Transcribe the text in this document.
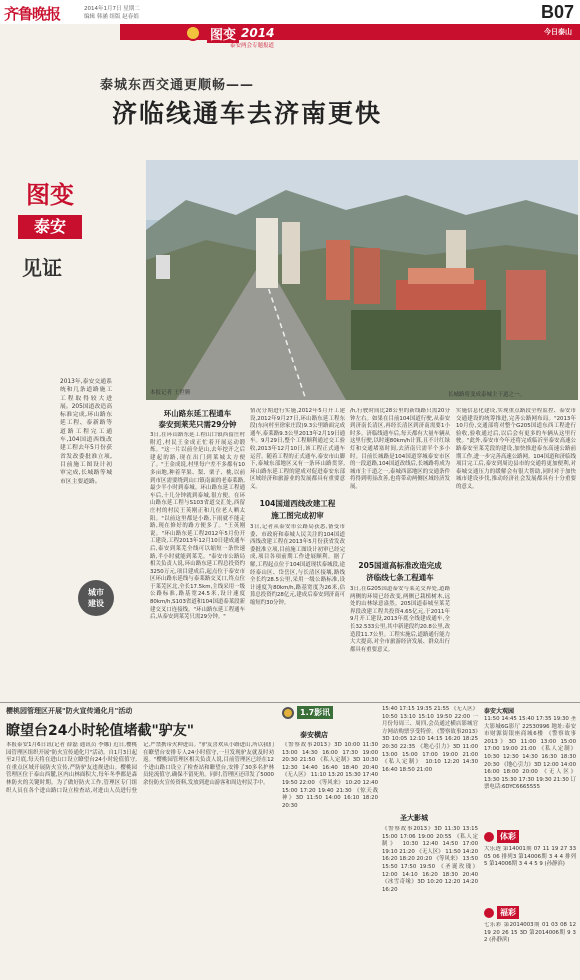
齐鲁晚报	2014年1月7日 星期二
编辑 韩涵 组版 赵春娟	B07
今日泰山
图变 2014
泰安两会专题报道
泰城东西交通更顺畅——
济临线通车去济南更快
图变
泰安
见证
2013年,泰安交通系统和几条道路施工工程取得较大进展。205国道改造高标准完成,环山路东延工程、泰新路等道路工程完工通车,104国道西线改建工程去年5月份获省发改委批准立项,目前施工图设计初审完成,长城路等城市区主要道路。
城市
建设
本报记者 王世腾	长城路将变成泰城主干道之一。
环山路东延工程通车
泰安到莱芜只需29分钟
3日,在环山路东延工程山口镇西留庄村附近,村民王金成正忙着开展运动锻炼。"这一片以前全是山,去年挖开之后建起的路,现在出门到莱城太方便了。"王金成说,村里每户差不多都有10多亩地,种着苹果、梨、栗子、桃,以前到市区需要绕到山口镇南面的老泰莱路,最少半小时到泰城。环山路东延工程通车后,十几分钟就到泰城,很方便。在环山路东延工程与S103省道交汇处,西留庄村的村民王英刚正和几位老人晒太阳。"以前这里都是小路,下雨就不能走路,现在修好的路方便多了。"王英刚说。"环山路东延工程2012年5月份开工建设,工程2013年12月10日建成通车后,泰安到莱芜全线可以缩短一条快速路,半小时就能到莱芜。"泰安市公路局相关负责人说,环山路东延工程总投资约3250万元,项目建成后,起点位于泰安市区环山路东延线与泰莱路交叉口,终点位于莱芜区北,全长17.5km,主线采用一级公路标准,路基宽24.5米,设计速度80km/h,S103省道和104国道泰莱段新建交叉口连接线。"环山路东延工程通车后,从泰安到莱芜只需29分钟。"
情况分期进行实施,2012年5月开工建设,2012年9月27日,环山路东延工程东段(东向村至徐家庄段)9.3公里路面完成通车,泰莱路9.3公里2013年2月19日通车。9月29日,整个工程顺利通过交工验收,2013年12月10日,该工程正式通车运营。随着工程的正式通车,泰安市山脚下,泰城东部地区又有一条环山路贯穿,环山路东延工程的建成对促进泰安东部区域经济和旅游业的发展都具有重要意义。
104国道西线改建工程
施工图完成初审
3日,记者从泰安市公路局获悉,备受市委、市政府和泰城人民关注的104国道西线改建工程在2013年5月份获省发改委批准立项,目前施工图设计初审已经完成,项目各项前期工作进展顺利。据了解,工程起点位于104国道现状泰城段,途经泰山区、岱岳区,与长清区接壤,路线全长约28.5公里,采用一级公路标准,设计速度为80km/h,路基宽度为26米,估算总投资约28亿元,建成后泰安到济南可缩短约30分钟。
/h,行驶时间比28公里的新线路只需20分钟左右。如果在目前104国道行驶,从泰安到济南长清区,再经长清区到济南需要1小时多。济临线通车后,每天都有大量车辆从这里行驶,以时速80km/h计算,且不计红绿灯和交通堵塞时间,去济南只需半个多小时。目前长城路是104国道穿城泰安市区的一段道路,104国道改线后,长城路将成为城市主干道之一,泰城西部地区的交通条件将得到明显改善,也将带动两侧区域经济发展。
205国道高标准改造完成
济临线七条工程通车
3日,在G205国道泰安与莱芜交界处,道路两侧的环境已经改变,两侧已栽植树木,远处的山林绿意盎然。205国道泰城至莱芜界段改建工程共投资4.65亿元,于2011年9月开工建设,2013年底全线建成通车,全长32.533公里,其中新建段约20.8公里,改造段11.7公里。工程实施后,道路通行能力大大提高,对全市旅游经济发展、群众出行都具有重要意义。
实施信息化建设,实现重点路段全程监控、泰安市交通建设的统筹推进,完善公路网布局。"2013年10月份,交通部将对整个G205国道东西工程进行验收,验收通过后,以后会有更多的车辆从这里行驶。"此外,泰安市今年还将完成临沂至泰安高速公路泰安至莱芜段的建设,加快推进泰东高速公路前期工作,进一步完善高速公路网。104国道和济临线项目完工后,泰安到周边县市的交通将更加便利,对泰城交通压力的缓解会有很大帮助,同时对于加快城市建设步伐,推动经济社会发展都具有十分重要的意义。
樱桃园管理区开展"防火宣传通化月"活动
瞭望台24小时轮值堵截"驴友"
本报泰安1月6日讯(记者 薛磊 通讯员 李娜) 近日,樱桃园管理区组织开展"防火宣传通化月"活动。自1月3日起至2月底,每天将在进山口设立瞭望台24小时轮值值守,在重点区域开展防火宣传,严防驴友违规进山。樱桃园管理区位于泰山西麓,区内山林面积大,每年冬季都是森林防火的关键时期。为了做好防火工作,管理区专门组织人员在各个进山路口设立检查站,对进山人员进行登记,严禁携带火种进山。"驴友喜欢从小路进山,所以我们在瞭望台安排专人24小时值守,一旦发现驴友就及时劝返。"樱桃园管理区相关负责人说,目前管理区已经在12个进山路口设立了检查站和瞭望台,安排了30多名护林员轮流值守,确保不留死角。同时,管理区还印发了5000余份防火宣传资料,发放到进山游客和周边村民手中。
1.7影讯
泰安横店
《警察故事2013》3D 10:00 11:30 13:00 14:30 16:00 17:30 19:00 20:30 21:50 《私人定制》3D 10:30 12:30 14:40 16:40 18:40 20:40 《无人区》 11:10 13:20 15:30 17:40 19:50 22:00 《等风来》 10:20 12:40 15:00 17:20 19:40 21:30 《惊天战神》3D 11:50 14:00 16:10 18:20 20:30
15:40 17:15 19:35 21:55 《无人区》 10:50 13:10 15:10 19:50 22:00 一月份每周三、周四,会员通过横店影城官方网站购票享受特价。《警察故事2013》3D 10:05 12:10 14:15 16:20 18:25 20:30 22:35 《地心引力》3D 11:00 13:00 15:00 17:00 19:00 21:00 《私人定制》 10:10 12:20 14:30 16:40 18:50 21:00
圣大影城
《警察故事2013》3D 11:30 13:15 15:00 17:06 19:00 20:55 《私人定制》 10:30 12:40 14:50 17:00 19:10 21:20 《无人区》 11:50 14:20 16:20 18:20 20:20 《等风来》 13:50 15:50 17:50 19:50 《圣诞玫瑰》 12:00 14:10 16:20 18:30 20:40 《冰雪奇缘》3D 10:20 12:20 14:20 16:20
泰安大观园
11:50 14:45 15:40 17:35 19:30 圣大影城6G影厅 22530996 地址:泰安市财源街银座商城6楼 《警察故事2013》3D 11:00 13:00 15:00 17:00 19:00 21:00 《私人定制》 10:30 12:30 14:30 16:30 18:30 20:30 《地心引力》3D 12:00 14:00 16:00 18:00 20:00 《无人区》 13:30 15:30 17:30 19:30 21:30 订票电话:6DYC6665555
体彩
大乐透 第14001期 07 11 19 27 33 05 06 排列3 第14006期 3 4 4 排列5 第14006期 3 4 4 5 9 (孙静滨)
福彩
七乐彩 第2014003期 01 03 08 12 19 20 26 15 3D 第2014006期 9 3 2 (孙静滨)
